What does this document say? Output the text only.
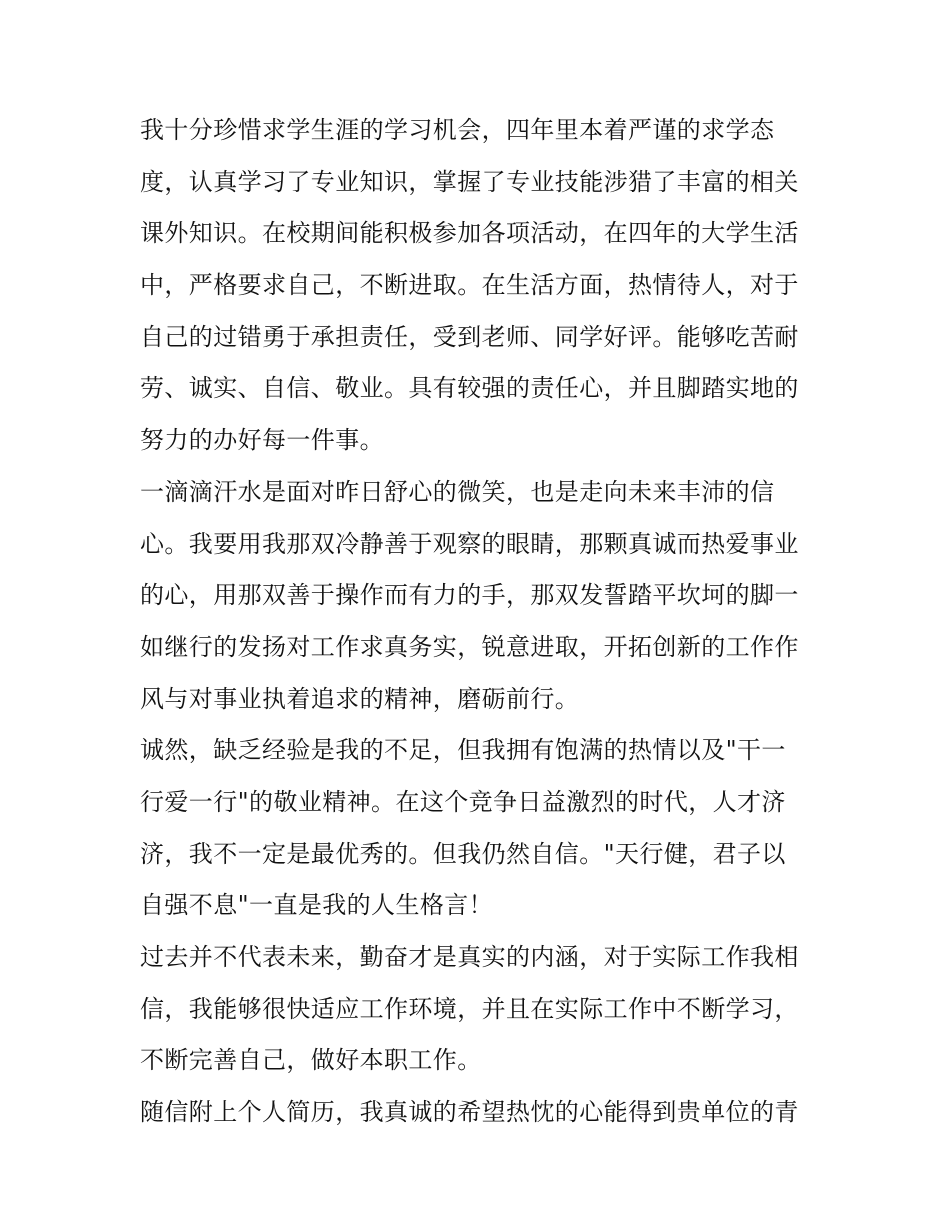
我十分珍惜求学生涯的学习机会，四年里本着严谨的求学态
度，认真学习了专业知识，掌握了专业技能涉猎了丰富的相关
课外知识。在校期间能积极参加各项活动，在四年的大学生活
中，严格要求自己，不断进取。在生活方面，热情待人，对于
自己的过错勇于承担责任，受到老师、同学好评。能够吃苦耐
劳、诚实、自信、敬业。具有较强的责任心，并且脚踏实地的
努力的办好每一件事。
一滴滴汗水是面对昨日舒心的微笑，也是走向未来丰沛的信
心。我要用我那双冷静善于观察的眼睛，那颗真诚而热爱事业
的心，用那双善于操作而有力的手，那双发誓踏平坎坷的脚一
如继行的发扬对工作求真务实，锐意进取，开拓创新的工作作
风与对事业执着追求的精神，磨砺前行。
诚然，缺乏经验是我的不足，但我拥有饱满的热情以及"干一
行爱一行"的敬业精神。在这个竞争日益激烈的时代，人才济
济，我不一定是最优秀的。但我仍然自信。"天行健，君子以
自强不息"一直是我的人生格言！
过去并不代表未来，勤奋才是真实的内涵，对于实际工作我相
信，我能够很快适应工作环境，并且在实际工作中不断学习，
不断完善自己，做好本职工作。
随信附上个人简历，我真诚的希望热忱的心能得到贵单位的青
